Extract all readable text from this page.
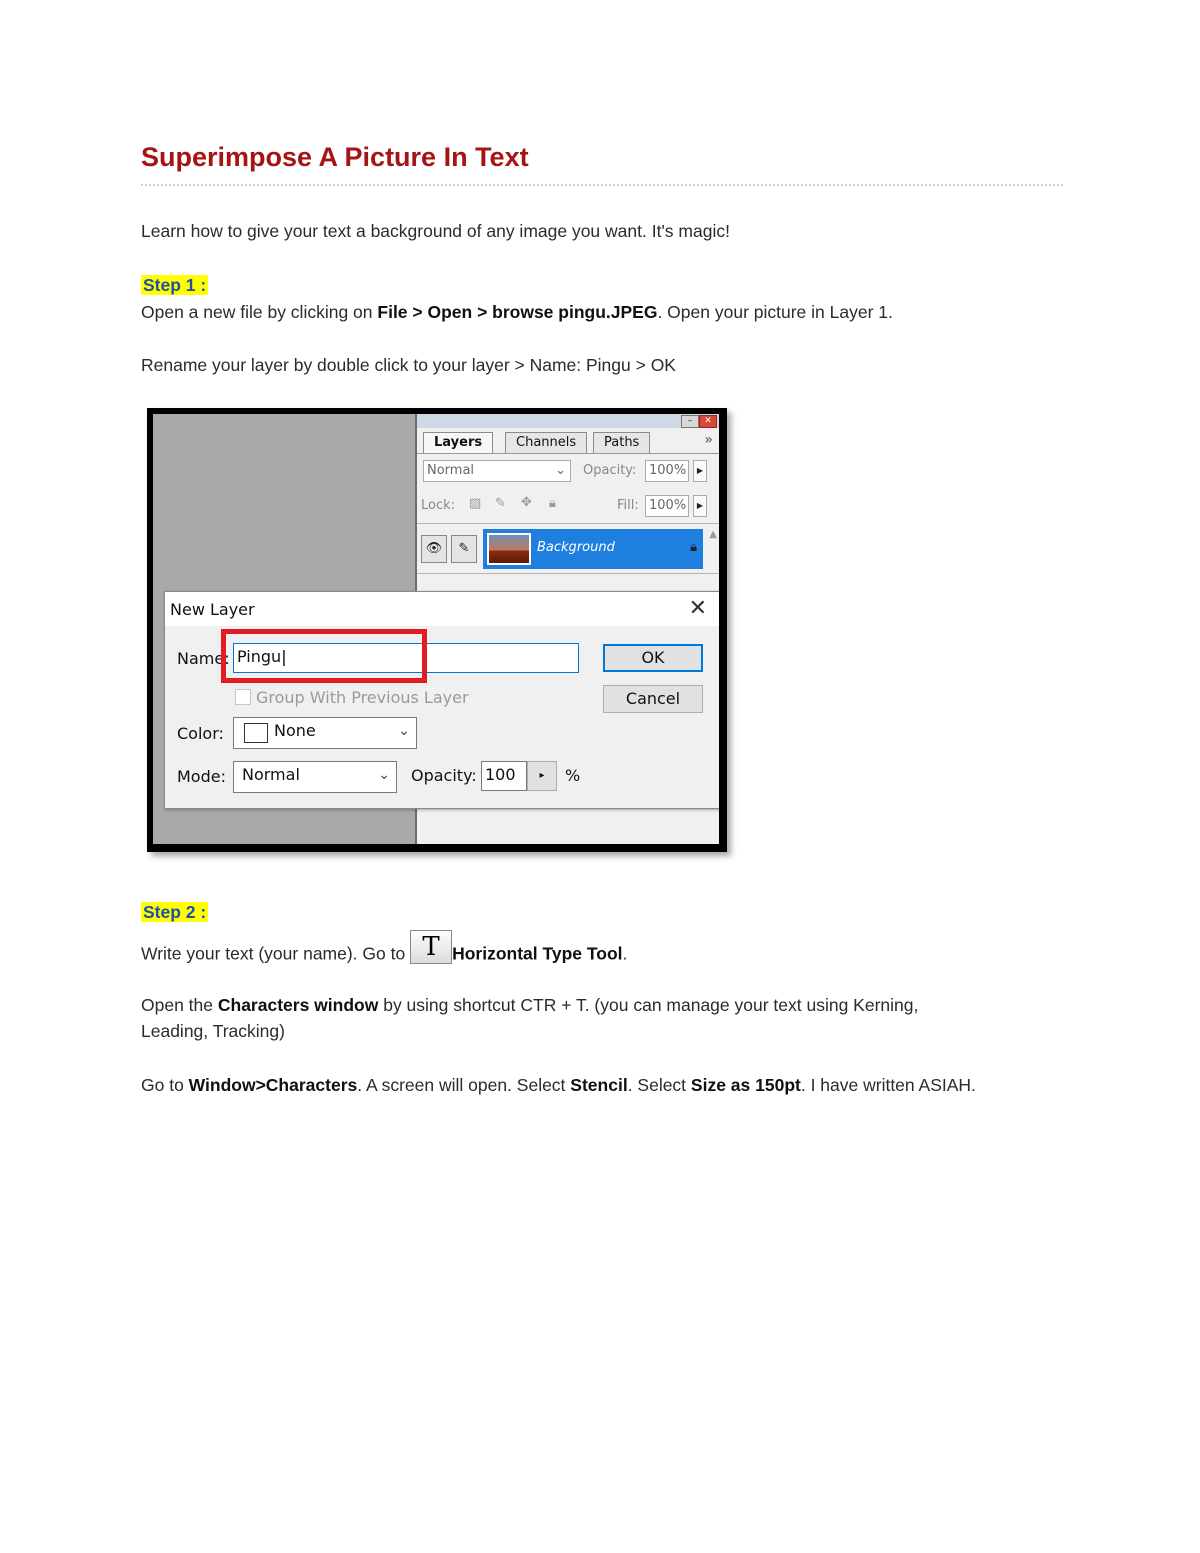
Superimpose A Picture In Text

Learn how to give your text a background of any image you want. It's magic!

Step 1 :

Open a new file by clicking on File > Open > browse pingu.JPEG. Open your picture in Layer 1.

Rename your layer by double click to your layer > Name: Pingu > OK

–	✕
Layers	Channels	Paths	»
Normal	⌄ Opacity: 100%	▶
Lock: ▨ ✎ ✥ 🔒︎	Fill: 100%	▶
👁︎	✎	Background	🔒︎
▲
New Layer	✕
Name: Pingu|	OK
Group With Previous Layer	Cancel
Color:	None	⌄
Mode:	Normal	⌄ Opacity: 100	▸	%

Step 2 :

Write your text (your name). Go to T Horizontal Type Tool.

Open the Characters window by using shortcut CTR + T. (you can manage your text using Kerning,

Leading, Tracking)

Go to Window>Characters. A screen will open. Select Stencil. Select Size as 150pt. I have written ASIAH.
